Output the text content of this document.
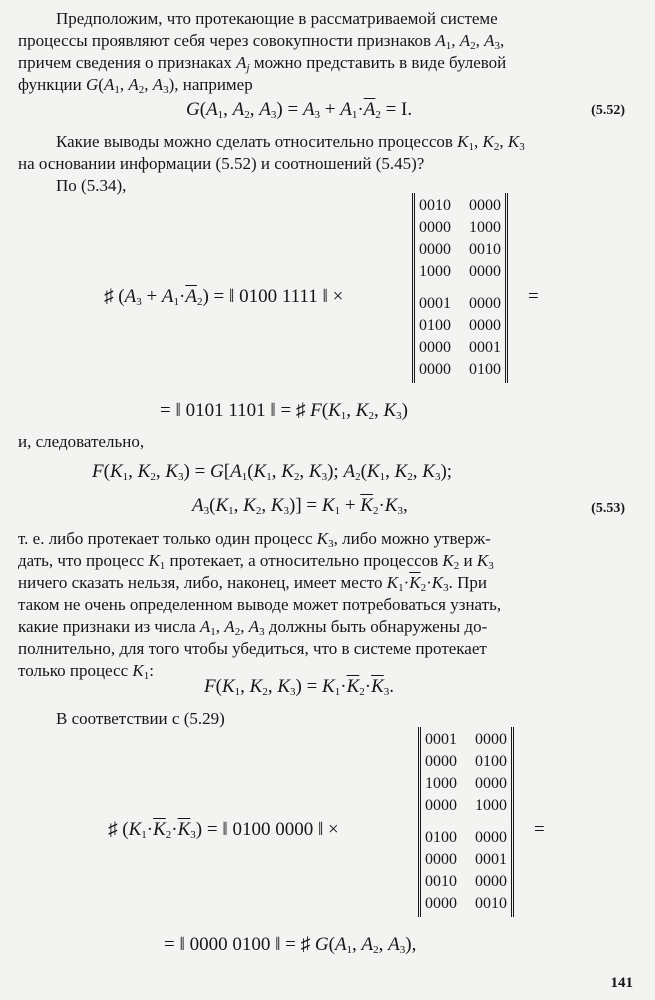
Предположим, что протекающие в рассматриваемой системе
процессы проявляют себя через совокупности признаков $A_1$, $A_2$, $A_3$,
причем сведения о признаках $A_j$ можно представить в виде булевой
функции $G(A_1$, $A_2$, $A_3$), например
$G(A_1$, $A_2$, $A_3) = A_3 + A_1\cdot\overline{A}_2 = I$.	(5.52)
Какие выводы можно сделать относительно процессов $K_1$, $K_2$, $K_3$
на основании информации (5.52) и соотношений (5.45)?
По (5.34),
♯ $(A_3 + A_1\cdot\overline{A}_2)$ = ‖ 0100 1111 ‖ ×
0010 0000
0000 1000
0000 0010
1000 0000
0001 0000
0100 0000
0000 0001
0000 0100
=
= ‖ 0101 1101 ‖ = ♯ $F(K_1$, $K_2$, $K_3$)
и, следовательно,
$F(K_1$, $K_2$, $K_3) = G[A_1(K_1$, $K_2$, $K_3$); $A_2(K_1$, $K_2$, $K_3$);
$A_3(K_1$, $K_2$, $K_3)] = K_1 + \overline{K}_2\cdot K_3$,	(5.53)
т. е. либо протекает только один процесс $K_3$, либо можно утверж-
дать, что процесс $K_1$ протекает, а относительно процессов $K_2$ и $K_3$
ничего сказать нельзя, либо, наконец, имеет место $K_1\cdot\overline{K}_2\cdot K_3$. При
таком не очень определенном выводе может потребоваться узнать,
какие признаки из числа $A_1$, $A_2$, $A_3$ должны быть обнаружены до-
полнительно, для того чтобы убедиться, что в системе протекает
только процесс $K_1$:
$F(K_1$, $K_2$, $K_3) = K_1\cdot\overline{K}_2\cdot\overline{K}_3$.
В соответствии с (5.29)
♯ $(K_1\cdot\overline{K}_2\cdot\overline{K}_3)$ = ‖ 0100 0000 ‖ ×
0001 0000
0000 0100
1000 0000
0000 1000
0100 0000
0000 0001
0010 0000
0000 0010
=
= ‖ 0000 0100 ‖ = ♯ $G(A_1$, $A_2$, $A_3$),
141
